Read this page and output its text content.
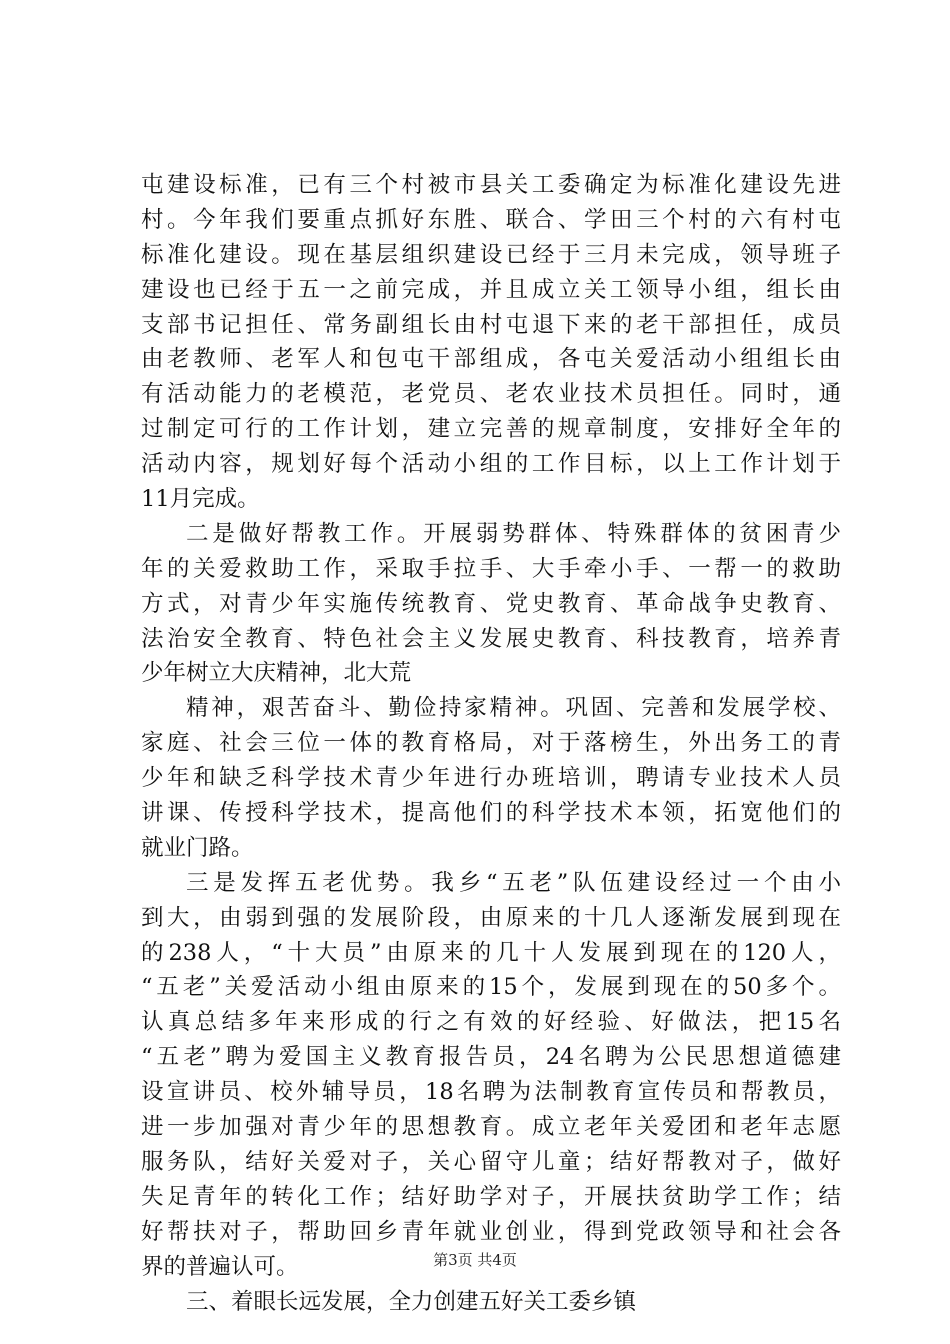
屯建设标准，已有三个村被市县关工委确定为标准化建设先进
村。今年我们要重点抓好东胜、联合、学田三个村的六有村屯
标准化建设。现在基层组织建设已经于三月未完成，领导班子
建设也已经于五一之前完成，并且成立关工领导小组，组长由
支部书记担任、常务副组长由村屯退下来的老干部担任，成员
由老教师、老军人和包屯干部组成，各屯关爱活动小组组长由
有活动能力的老模范，老党员、老农业技术员担任。同时，通
过制定可行的工作计划，建立完善的规章制度，安排好全年的
活动内容，规划好每个活动小组的工作目标，以上工作计划于
11月完成。
二是做好帮教工作。开展弱势群体、特殊群体的贫困青少
年的关爱救助工作，采取手拉手、大手牵小手、一帮一的救助
方式，对青少年实施传统教育、党史教育、革命战争史教育、
法治安全教育、特色社会主义发展史教育、科技教育，培养青
少年树立大庆精神，北大荒
精神，艰苦奋斗、勤俭持家精神。巩固、完善和发展学校、
家庭、社会三位一体的教育格局，对于落榜生，外出务工的青
少年和缺乏科学技术青少年进行办班培训，聘请专业技术人员
讲课、传授科学技术，提高他们的科学技术本领，拓宽他们的
就业门路。
三是发挥五老优势。我乡“五老”队伍建设经过一个由小
到大，由弱到强的发展阶段，由原来的十几人逐渐发展到现在
的238人，“十大员”由原来的几十人发展到现在的120人，
“五老”关爱活动小组由原来的15个，发展到现在的50多个。
认真总结多年来形成的行之有效的好经验、好做法，把15名
“五老”聘为爱国主义教育报告员，24名聘为公民思想道德建
设宣讲员、校外辅导员，18名聘为法制教育宣传员和帮教员，
进一步加强对青少年的思想教育。成立老年关爱团和老年志愿
服务队，结好关爱对子，关心留守儿童；结好帮教对子，做好
失足青年的转化工作；结好助学对子，开展扶贫助学工作；结
好帮扶对子，帮助回乡青年就业创业，得到党政领导和社会各
界的普遍认可。
三、着眼长远发展，全力创建五好关工委乡镇
第3页 共4页
